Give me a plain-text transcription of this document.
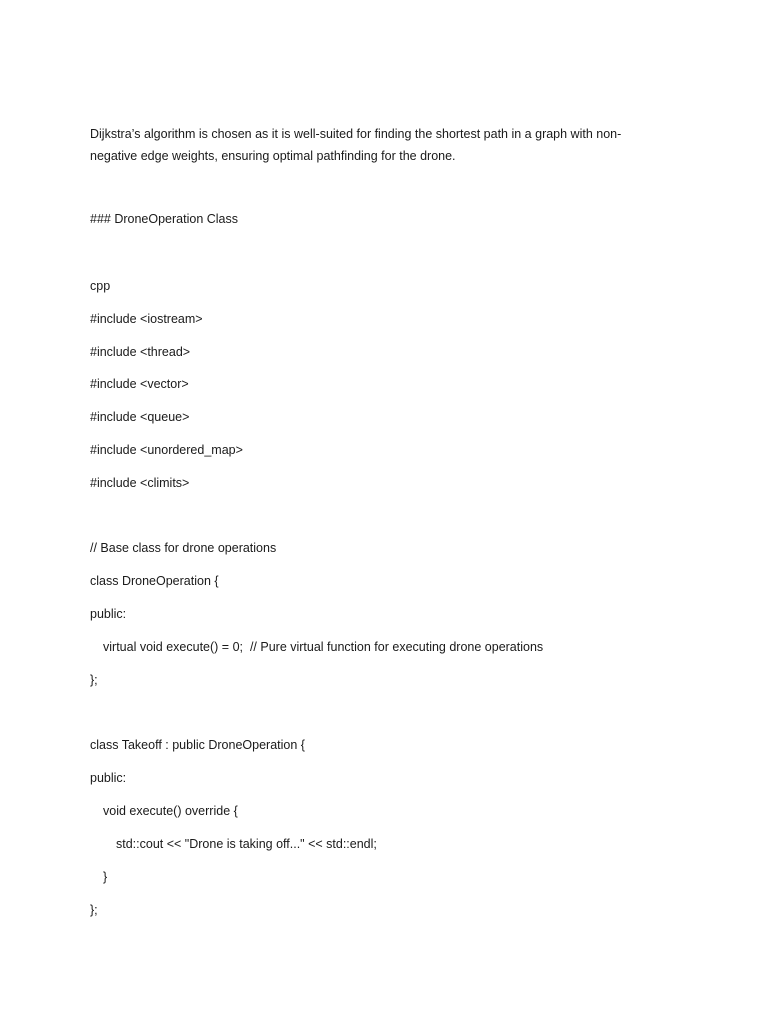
Dijkstra’s algorithm is chosen as it is well-suited for finding the shortest path in a graph with non-
negative edge weights, ensuring optimal pathfinding for the drone.

### DroneOperation Class

cpp

#include <iostream>

#include <thread>

#include <vector>

#include <queue>

#include <unordered_map>

#include <climits>

// Base class for drone operations

class DroneOperation {

public:

virtual void execute() = 0;  // Pure virtual function for executing drone operations

};

class Takeoff : public DroneOperation {

public:

void execute() override {

std::cout << "Drone is taking off..." << std::endl;

}

};
